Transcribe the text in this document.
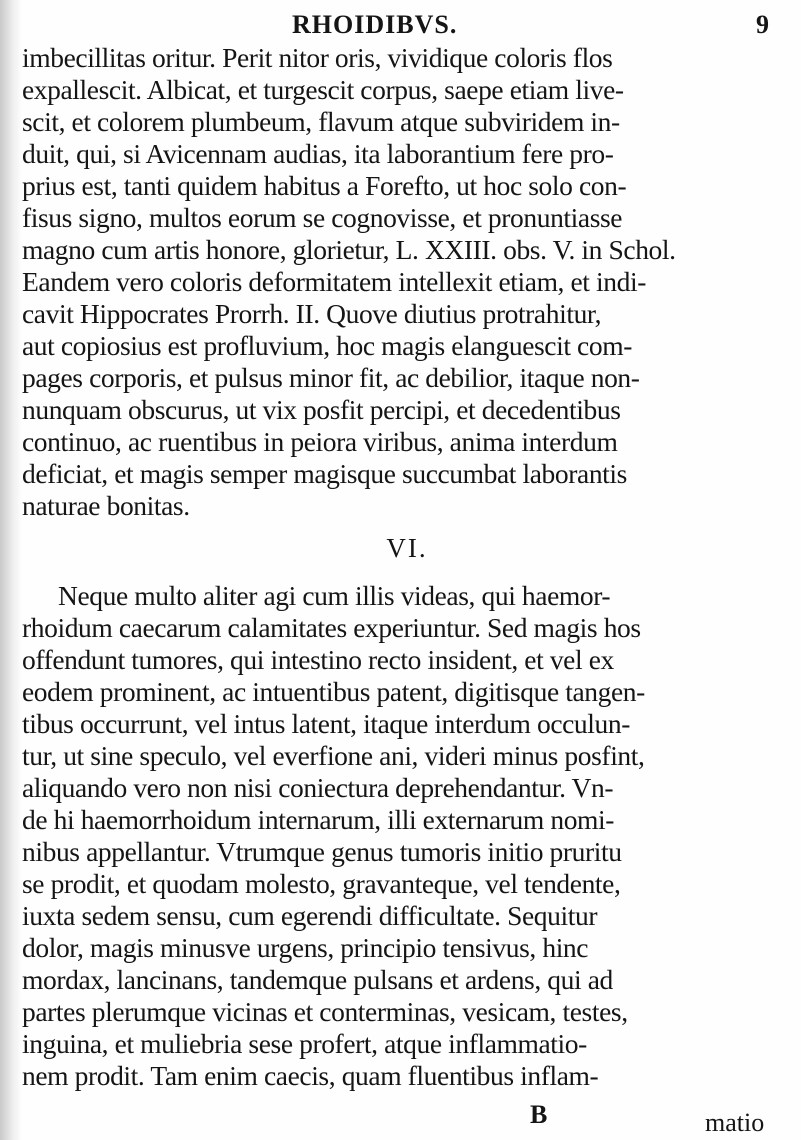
RHOIDIBVS.	9
imbecillitas oritur. Perit nitor oris, vividique coloris flos
expallescit. Albicat, et turgescit corpus, saepe etiam live-
scit, et colorem plumbeum, flavum atque subviridem in-
duit, qui, si Avicennam audias, ita laborantium fere pro-
prius est, tanti quidem habitus a Forefto, ut hoc solo con-
fisus signo, multos eorum se cognovisse, et pronuntiasse
magno cum artis honore, glorietur, L. XXIII. obs. V. in Schol.
Eandem vero coloris deformitatem intellexit etiam, et indi-
cavit Hippocrates Prorrh. II. Quove diutius protrahitur,
aut copiosius est profluvium, hoc magis elanguescit com-
pages corporis, et pulsus minor fit, ac debilior, itaque non-
nunquam obscurus, ut vix posfit percipi, et decedentibus
continuo, ac ruentibus in peiora viribus, anima interdum
deficiat, et magis semper magisque succumbat laborantis
naturae bonitas.
VI.
Neque multo aliter agi cum illis videas, qui haemor-
rhoidum caecarum calamitates experiuntur. Sed magis hos
offendunt tumores, qui intestino recto insident, et vel ex
eodem prominent, ac intuentibus patent, digitisque tangen-
tibus occurrunt, vel intus latent, itaque interdum occulun-
tur, ut sine speculo, vel everfione ani, videri minus posfint,
aliquando vero non nisi coniectura deprehendantur. Vn-
de hi haemorrhoidum internarum, illi externarum nomi-
nibus appellantur. Vtrumque genus tumoris initio pruritu
se prodit, et quodam molesto, gravanteque, vel tendente,
iuxta sedem sensu, cum egerendi difficultate. Sequitur
dolor, magis minusve urgens, principio tensivus, hinc
mordax, lancinans, tandemque pulsans et ardens, qui ad
partes plerumque vicinas et conterminas, vesicam, testes,
inguina, et muliebria sese profert, atque inflammatio-
nem prodit. Tam enim caecis, quam fluentibus inflam-
B	matio
